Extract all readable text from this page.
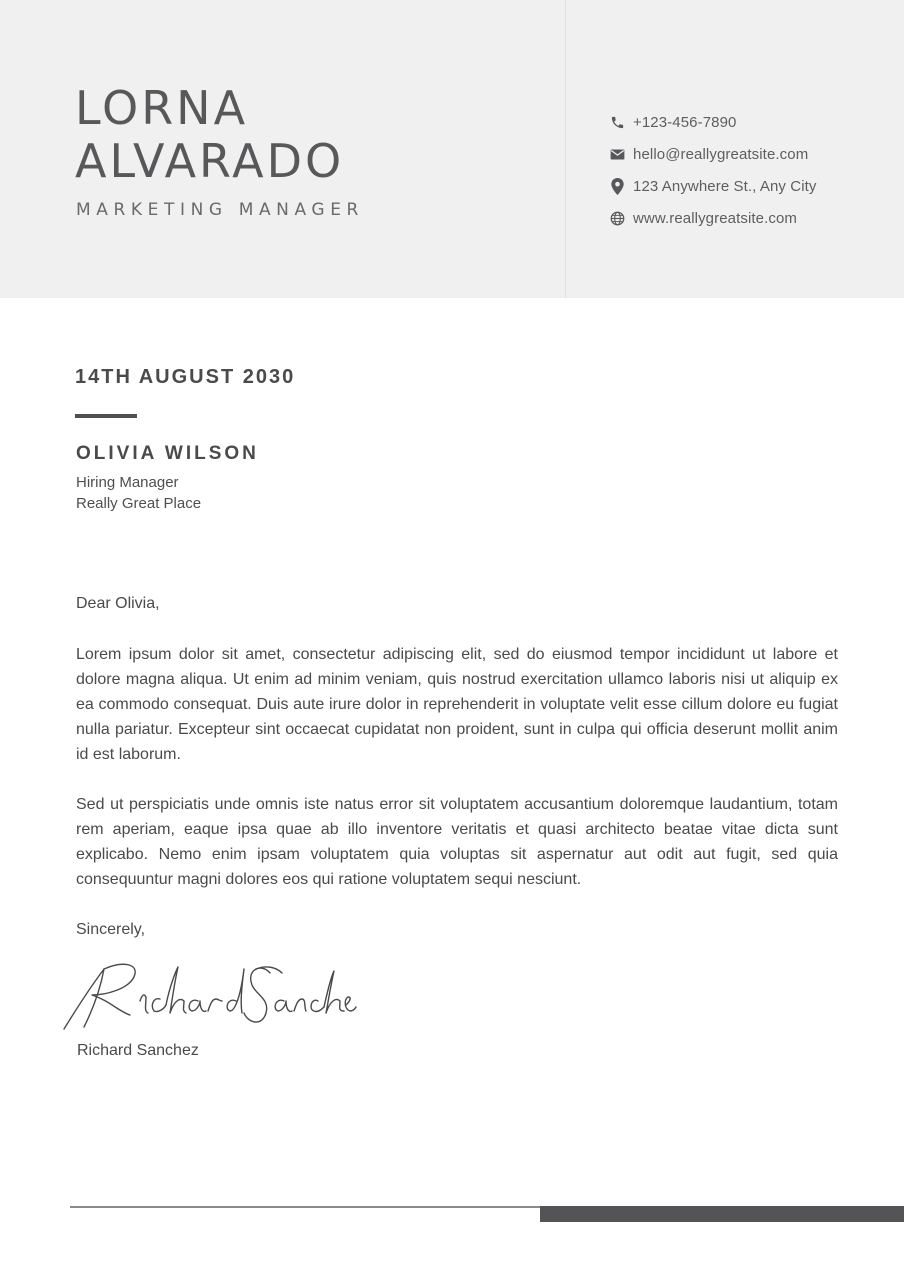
LORNA
ALVARADO
MARKETING MANAGER
+123-456-7890
hello@reallygreatsite.com
123 Anywhere St., Any City
www.reallygreatsite.com
14TH AUGUST 2030
OLIVIA WILSON
Hiring Manager
Really Great Place
Dear Olivia,

Lorem ipsum dolor sit amet, consectetur adipiscing elit, sed do eiusmod tempor incididunt ut labore et dolore magna aliqua. Ut enim ad minim veniam, quis nostrud exercitation ullamco laboris nisi ut aliquip ex ea commodo consequat. Duis aute irure dolor in reprehenderit in voluptate velit esse cillum dolore eu fugiat nulla pariatur. Excepteur sint occaecat cupidatat non proident, sunt in culpa qui officia deserunt mollit anim id est laborum.

Sed ut perspiciatis unde omnis iste natus error sit voluptatem accusantium doloremque laudantium, totam rem aperiam, eaque ipsa quae ab illo inventore veritatis et quasi architecto beatae vitae dicta sunt explicabo. Nemo enim ipsam voluptatem quia voluptas sit aspernatur aut odit aut fugit, sed quia consequuntur magni dolores eos qui ratione voluptatem sequi nesciunt.

Sincerely,
Richard Sanchez
